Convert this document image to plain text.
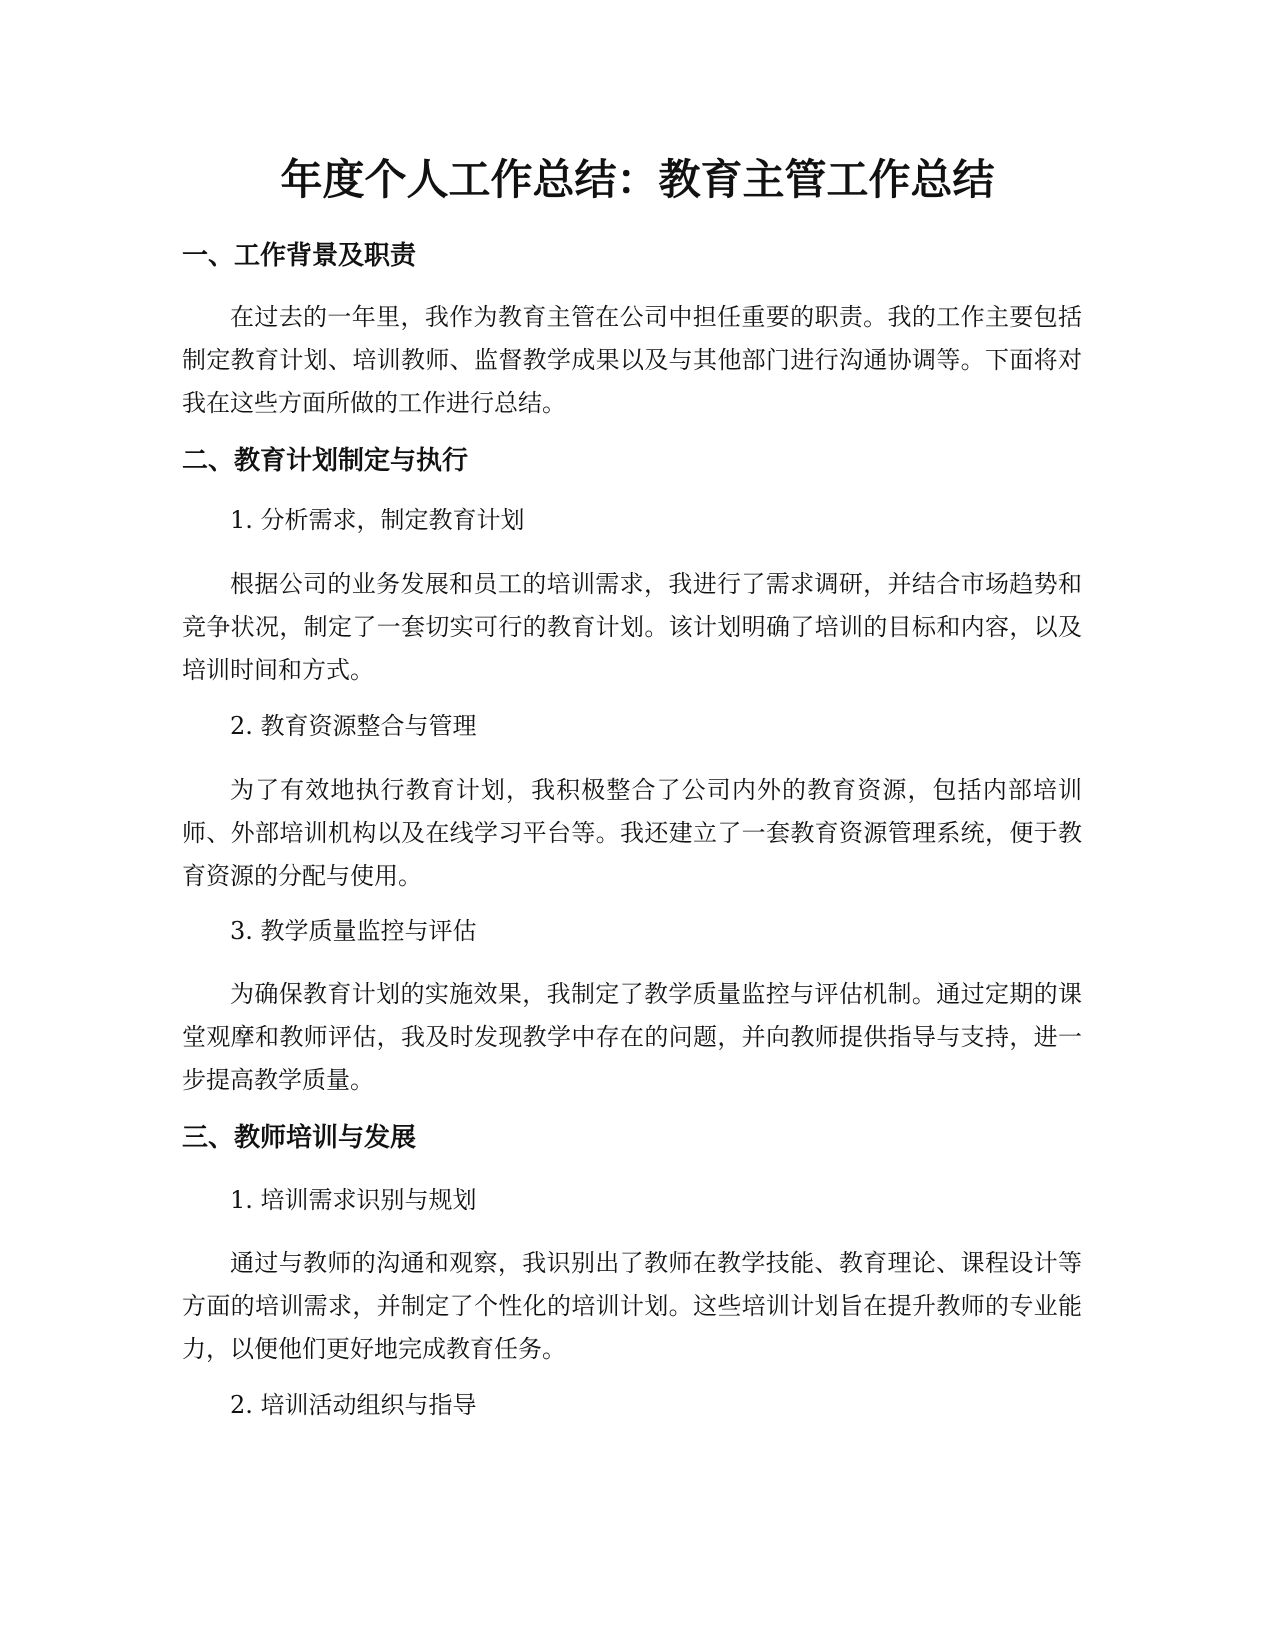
年度个人工作总结：教育主管工作总结
一、工作背景及职责

在过去的一年里，我作为教育主管在公司中担任重要的职责。我的工作主要包括制定教育计划、培训教师、监督教学成果以及与其他部门进行沟通协调等。下面将对我在这些方面所做的工作进行总结。

二、教育计划制定与执行

1. 分析需求，制定教育计划

根据公司的业务发展和员工的培训需求，我进行了需求调研，并结合市场趋势和竞争状况，制定了一套切实可行的教育计划。该计划明确了培训的目标和内容，以及培训时间和方式。

2. 教育资源整合与管理

为了有效地执行教育计划，我积极整合了公司内外的教育资源，包括内部培训师、外部培训机构以及在线学习平台等。我还建立了一套教育资源管理系统，便于教育资源的分配与使用。

3. 教学质量监控与评估

为确保教育计划的实施效果，我制定了教学质量监控与评估机制。通过定期的课堂观摩和教师评估，我及时发现教学中存在的问题，并向教师提供指导与支持，进一步提高教学质量。

三、教师培训与发展

1. 培训需求识别与规划

通过与教师的沟通和观察，我识别出了教师在教学技能、教育理论、课程设计等方面的培训需求，并制定了个性化的培训计划。这些培训计划旨在提升教师的专业能力，以便他们更好地完成教育任务。

2. 培训活动组织与指导
